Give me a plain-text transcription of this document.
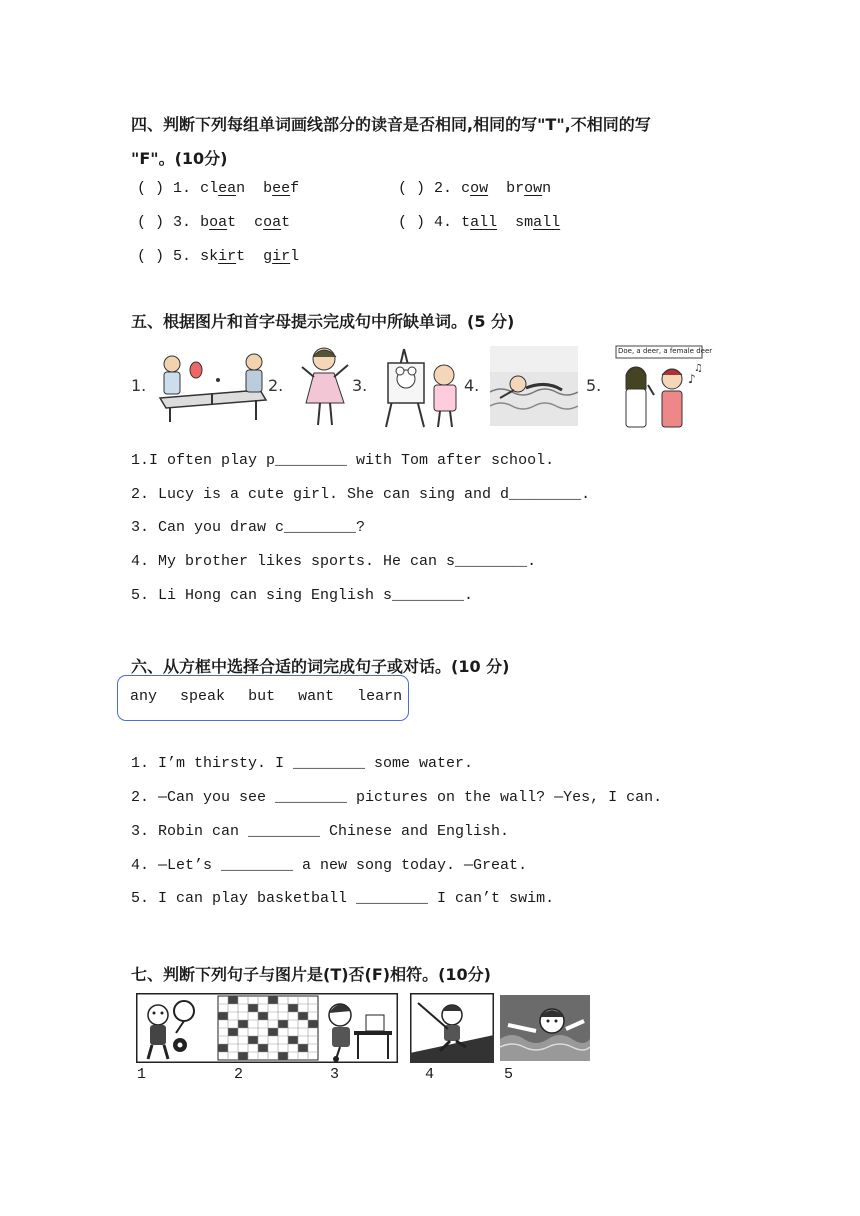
四、判断下列每组单词画线部分的读音是否相同,相同的写"T",不相同的写
"F"。(10分)
( ) 1. clean beef	( ) 2. cow brown
( ) 3. boat coat	( ) 4. tall small
( ) 5. skirt girl
五、根据图片和首字母提示完成句中所缺单词。(5 分)
1.	2.	3.	4.	5.	♪
♫
Doe, a deer, a female deer
1.I often play p________ with Tom after school.
2. Lucy is a cute girl. She can sing and d________.
3. Can you draw c________?
4. My brother likes sports. He can s________.
5. Li Hong can sing English s________.
六、从方框中选择合适的词完成句子或对话。(10 分)
any speak but want learn
1. I’m thirsty. I ________ some water.
2. —Can you see ________ pictures on the wall? —Yes, I can.
3. Robin can ________ Chinese and English.
4. —Let’s ________ a new song today. —Great.
5. I can play basketball ________ I can’t swim.
七、判断下列句子与图片是(T)否(F)相符。(10分)
1	2	3	4	5
